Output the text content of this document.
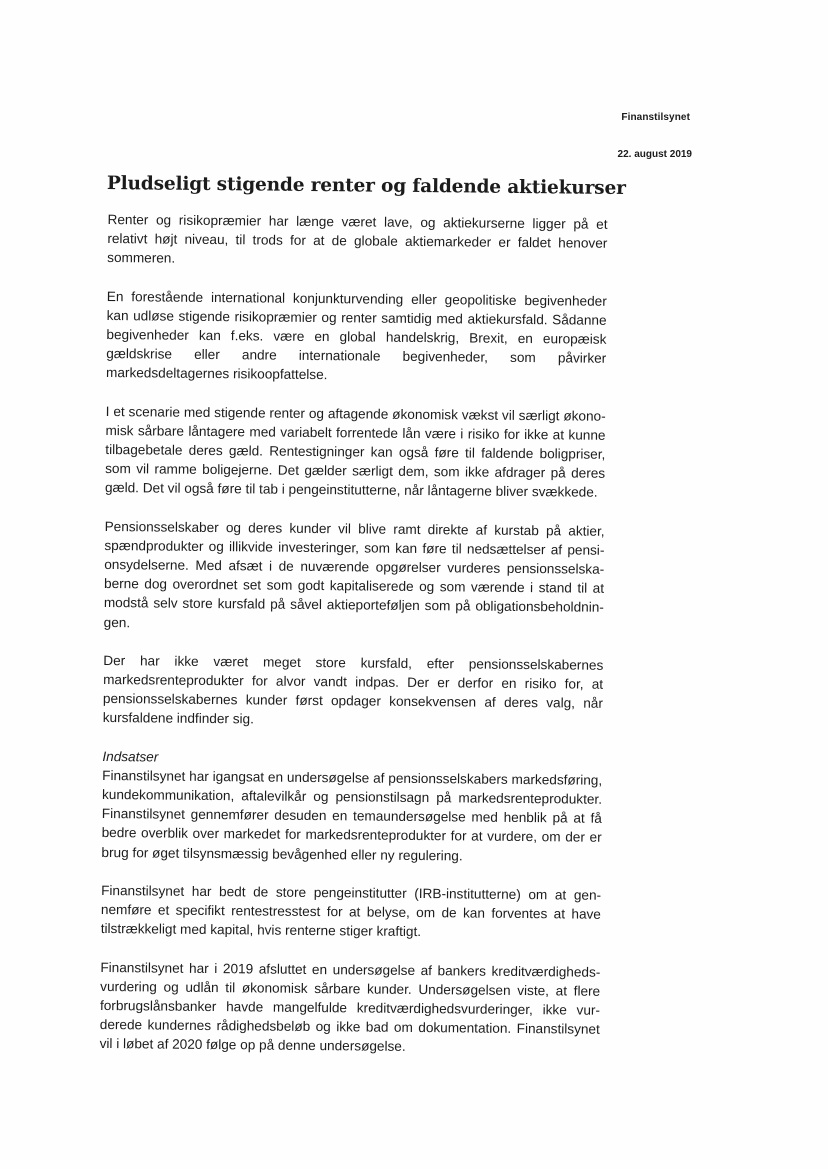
Finanstilsynet
22. august 2019
Pludseligt stigende renter og faldende aktiekurser

Renter og risikopræmier har længe været lave, og aktiekurserne ligger på et relativt højt niveau, til trods for at de globale aktiemarkeder er faldet henover sommeren.

En forestående international konjunkturvending eller geopolitiske begivenheder kan udløse stigende risikopræmier og renter samtidig med aktiekursfald. Sådanne begivenheder kan f.eks. være en global handelskrig, Brexit, en europæisk gældskrise eller andre internationale begivenheder, som påvirker markedsdeltagernes risikoopfattelse.

I et scenarie med stigende renter og aftagende økonomisk vækst vil særligt økonomisk sårbare låntagere med variabelt forrentede lån være i risiko for ikke at kunne tilbagebetale deres gæld. Rentestigninger kan også føre til faldende boligpriser, som vil ramme boligejerne. Det gælder særligt dem, som ikke afdrager på deres gæld. Det vil også føre til tab i pengeinstitutterne, når låntagerne bliver svækkede.

Pensionsselskaber og deres kunder vil blive ramt direkte af kurstab på aktier, spændprodukter og illikvide investeringer, som kan føre til nedsættelser af pensionsydelserne. Med afsæt i de nuværende opgørelser vurderes pensionsselskaberne dog overordnet set som godt kapitaliserede og som værende i stand til at modstå selv store kursfald på såvel aktieporteføljen som på obligationsbeholdningen.

Der har ikke været meget store kursfald, efter pensionsselskabernes markedsrenteprodukter for alvor vandt indpas. Der er derfor en risiko for, at pensionsselskabernes kunder først opdager konsekvensen af deres valg, når kursfaldene indfinder sig.

Indsatser

Finanstilsynet har igangsat en undersøgelse af pensionsselskabers markedsføring, kundekommunikation, aftalevilkår og pensionstilsagn på markedsrenteprodukter. Finanstilsynet gennemfører desuden en temaundersøgelse med henblik på at få bedre overblik over markedet for markedsrenteprodukter for at vurdere, om der er brug for øget tilsynsmæssig bevågenhed eller ny regulering.

Finanstilsynet har bedt de store pengeinstitutter (IRB-institutterne) om at gennemføre et specifikt rentestresstest for at belyse, om de kan forventes at have tilstrækkeligt med kapital, hvis renterne stiger kraftigt.

Finanstilsynet har i 2019 afsluttet en undersøgelse af bankers kreditværdighedsvurdering og udlån til økonomisk sårbare kunder. Undersøgelsen viste, at flere forbrugslånsbanker havde mangelfulde kreditværdighedsvurderinger, ikke vurderede kundernes rådighedsbeløb og ikke bad om dokumentation. Finanstilsynet vil i løbet af 2020 følge op på denne undersøgelse.
